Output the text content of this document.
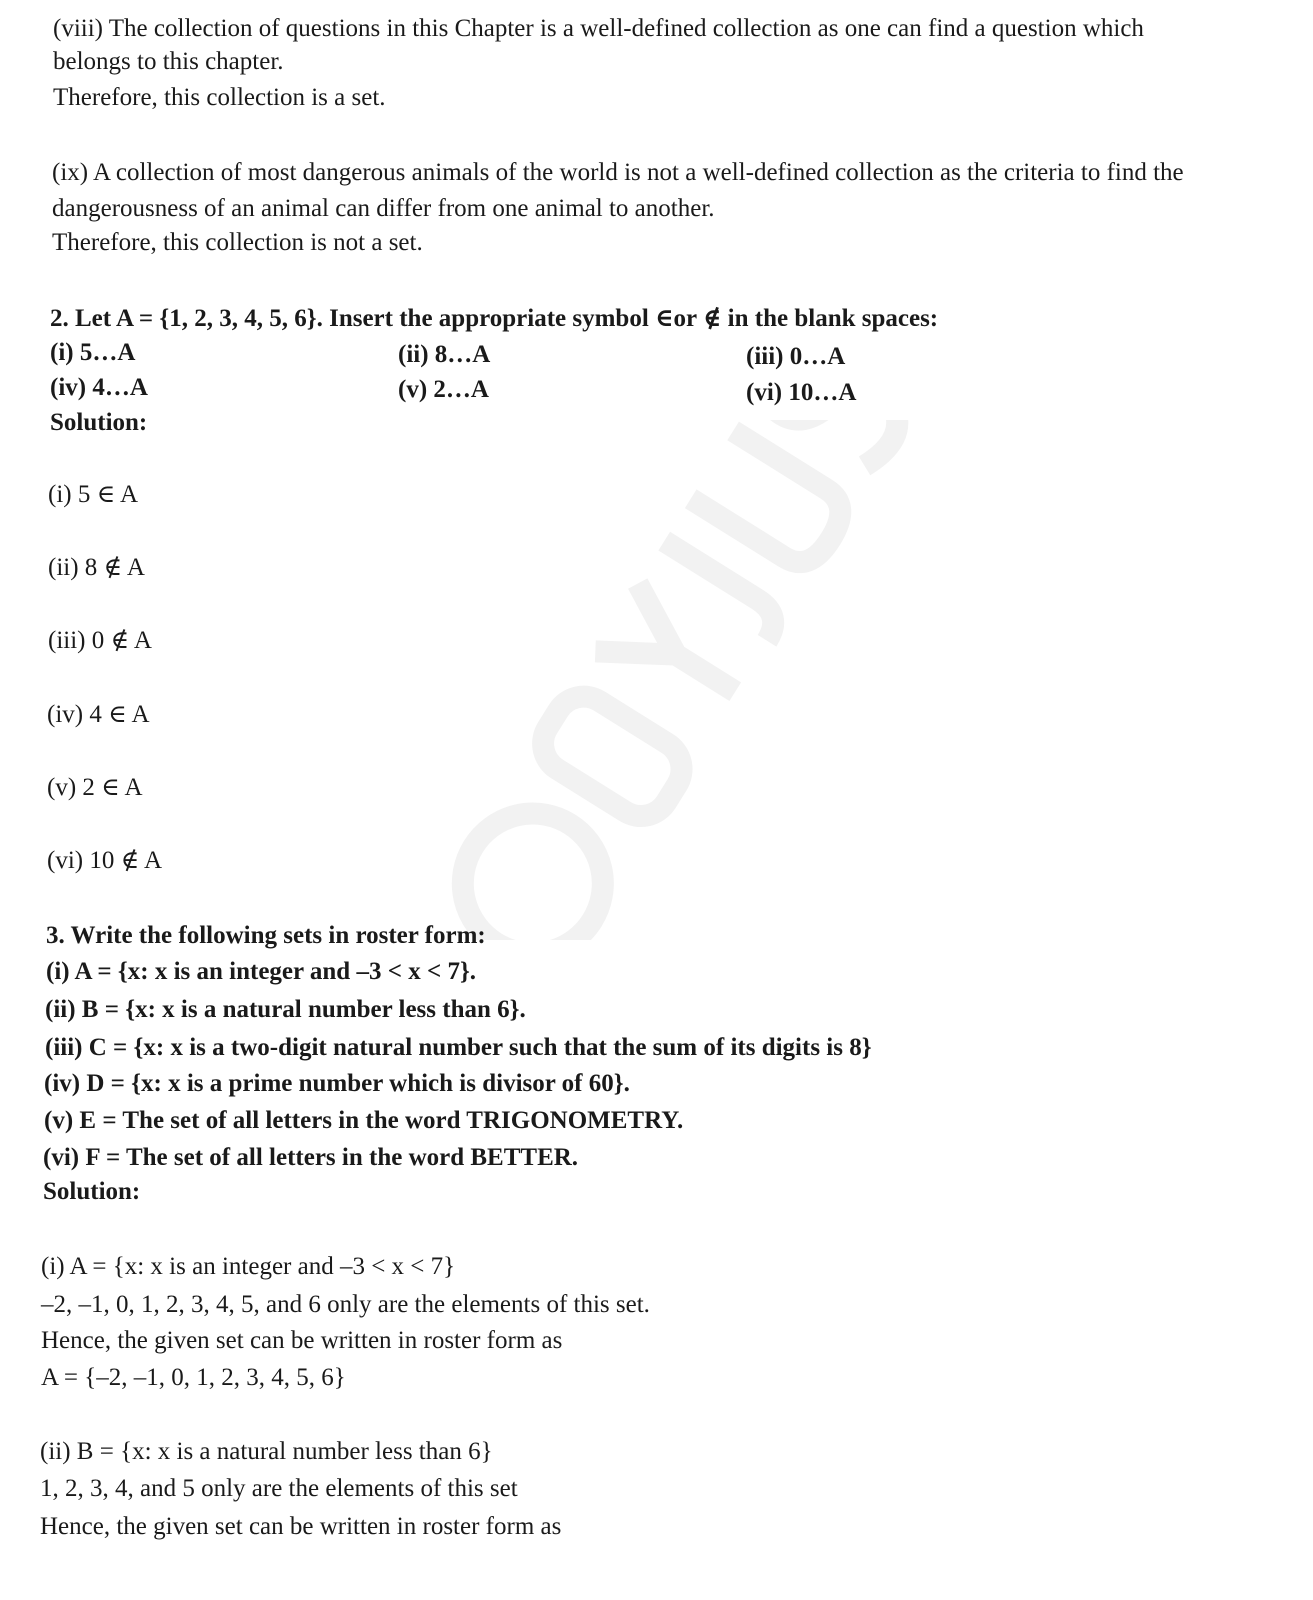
(viii) The collection of questions in this Chapter is a well-defined collection as one can find a question which
belongs to this chapter.
Therefore, this collection is a set.
(ix) A collection of most dangerous animals of the world is not a well-defined collection as the criteria to find the
dangerousness of an animal can differ from one animal to another.
Therefore, this collection is not a set.
2. Let A = {1, 2, 3, 4, 5, 6}. Insert the appropriate symbol ∈or ∉ in the blank spaces:
(i) 5…A	(ii) 8…A	(iii) 0…A
(iv) 4…A	(v) 2…A	(vi) 10…A
Solution:
(i) 5 ∈ A
(ii) 8 ∉ A
(iii) 0 ∉ A
(iv) 4 ∈ A
(v) 2 ∈ A
(vi) 10 ∉ A
3. Write the following sets in roster form:
(i) A = {x: x is an integer and –3 < x < 7}.
(ii) B = {x: x is a natural number less than 6}.
(iii) C = {x: x is a two-digit natural number such that the sum of its digits is 8}
(iv) D = {x: x is a prime number which is divisor of 60}.
(v) E = The set of all letters in the word TRIGONOMETRY.
(vi) F = The set of all letters in the word BETTER.
Solution:
(i) A = {x: x is an integer and –3 < x < 7}
–2, –1, 0, 1, 2, 3, 4, 5, and 6 only are the elements of this set.
Hence, the given set can be written in roster form as
A = {–2, –1, 0, 1, 2, 3, 4, 5, 6}
(ii) B = {x: x is a natural number less than 6}
1, 2, 3, 4, and 5 only are the elements of this set
Hence, the given set can be written in roster form as
